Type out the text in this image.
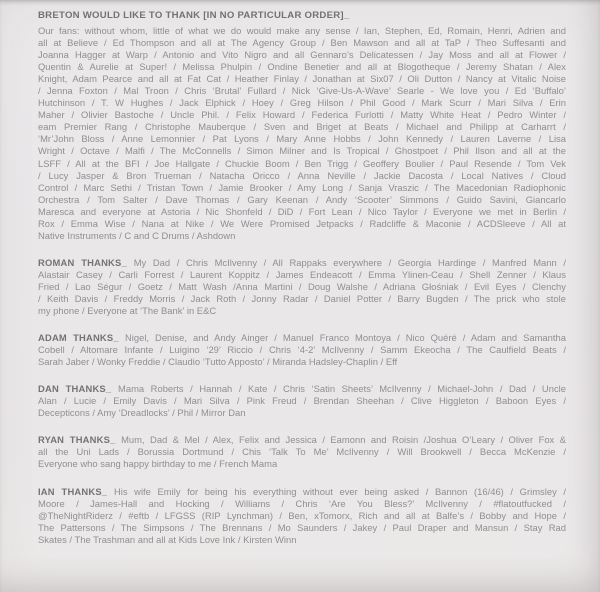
BRETON WOULD LIKE TO THANK [IN NO PARTICULAR ORDER]_
Our fans: without whom, little of what we do would make any sense / Ian, Stephen, Ed, Romain, Henri, Adrien and
all at Believe / Ed Thompson and all at The Agency Group / Ben Mawson and all at TaP / Theo Suffesanti and
Joanna Hagger at Warp / Antonio and Vito Nigro and all Gennaro’s Delicatessen / Jay Moss and all at Flower /
Quentin & Aurelie at Super! / Melissa Phulpin / Ondine Benetier and all at Blogotheque / Jeremy Shatan / Alex
Knight, Adam Pearce and all at Fat Cat / Heather Finlay / Jonathan at Six07 / Oli Dutton / Nancy at Vitalic Noise
/ Jenna Foxton / Mal Troon / Chris ‘Brutal’ Fullard / Nick ‘Give-Us-A-Wave’ Searle - We love you / Ed ‘Buffalo’
Hutchinson / T. W Hughes / Jack Elphick / Hoey / Greg Hilson / Phil Good / Mark Scurr / Mari Silva / Erin
Maher / Olivier Bastoche / Uncle Phil. / Felix Howard / Federica Furlotti / Matty White Heat / Pedro Winter /
eam Premier Rang / Christophe Mauberque / Sven and Briget at Beats / Michael and Philipp at Carharrt /
‘Mr’John Bloss / Anne Lemonnier / Pat Lyons / Mary Anne Hobbs / John Kennedy / Lauren Laverne / Lisa
Wright / Octave / Malfi / The McConnells / Simon Milner and Is Tropical / Ghostpoet / Phil Ilson and all at the
LSFF / All at the BFI / Joe Hallgate / Chuckie Boom / Ben Trigg / Geoffery Boulier / Paul Resende / Tom Vek
/ Lucy Jasper & Bron Trueman / Natacha Oricco / Anna Neville / Jackie Dacosta / Local Natives / Cloud
Control / Marc Sethi / Tristan Town / Jamie Brooker / Amy Long / Sanja Vraszic / The Macedonian Radiophonic
Orchestra / Tom Salter / Dave Thomas / Gary Keenan / Andy ‘Scooter’ Simmons / Guido Savini, Giancarlo
Maresca and everyone at Astoria / Nic Shonfeld / DiD / Fort Lean / Nico Taylor / Everyone we met in Berlin /
Rox / Emma Wise / Nana at Nike / We Were Promised Jetpacks / Radcliffe & Maconie / ACDSleeve / All at
Native Instruments / C and C Drums / Ashdown
ROMAN THANKS_ My Dad / Chris McIlvenny / All Rappaks everywhere / Georgia Hardinge / Manfred Mann /
Alastair Casey / Carli Forrest / Laurent Koppitz / James Endeacott / Emma Ylinen-Ceau / Shell Zenner / Klaus
Fried / Lao Ségur / Goetz / Matt Wash /Anna Martini / Doug Walshe / Adriana Głośniak / Evil Eyes / Clenchy
/ Keith Davis / Freddy Morris / Jack Roth / Jonny Radar / Daniel Potter / Barry Bugden / The prick who stole
my phone / Everyone at ‘The Bank’ in E&C
ADAM THANKS_ Nigel, Denise, and Andy Ainger / Manuel Franco Montoya / Nico Quéré / Adam and Samantha
Cobell / Altomare Infante / Luigino ‘29’ Riccio / Chris ‘4-2’ McIlvenny / Samm Ekeocha / The Caulfield Beats /
Sarah Jaber / Wonky Freddie / Claudio ‘Tutto Apposto’ / Miranda Hadsley-Chaplin / Eff
DAN THANKS_ Mama Roberts / Hannah / Kate / Chris ‘Satin Sheets’ McIlvenny / Michael-John / Dad / Uncle
Alan / Lucie / Emily Davis / Mari Silva / Pink Freud / Brendan Sheehan / Clive Higgleton / Baboon Eyes /
Decepticons / Amy ‘Dreadlocks’ / Phil / Mirror Dan
RYAN THANKS_ Mum, Dad & Mel / Alex, Felix and Jessica / Eamonn and Roisin /Joshua O’Leary / Oliver Fox &
all the Uni Lads / Borussia Dortmund / Chis ‘Talk To Me’ McIlvenny / Will Brookwell / Becca McKenzie /
Everyone who sang happy birthday to me / French Mama
IAN THANKS_ His wife Emily for being his everything without ever being asked / Bannon (16/46) / Grimsley /
Moore / James-Hall and Hocking / Williams / Chris ‘Are You Bless?’ McIlvenny / #flatoutfucked /
@TheNightRiderz / #eftb / LFGSS (RIP Lynchman) / Ben, xTomorx, Rich and all at Balfe’s / Bobby and Hope /
The Pattersons / The Simpsons / The Brennans / Mo Saunders / Jakey / Paul Draper and Mansun / Stay Rad
Skates / The Trashman and all at Kids Love Ink / Kirsten Winn
